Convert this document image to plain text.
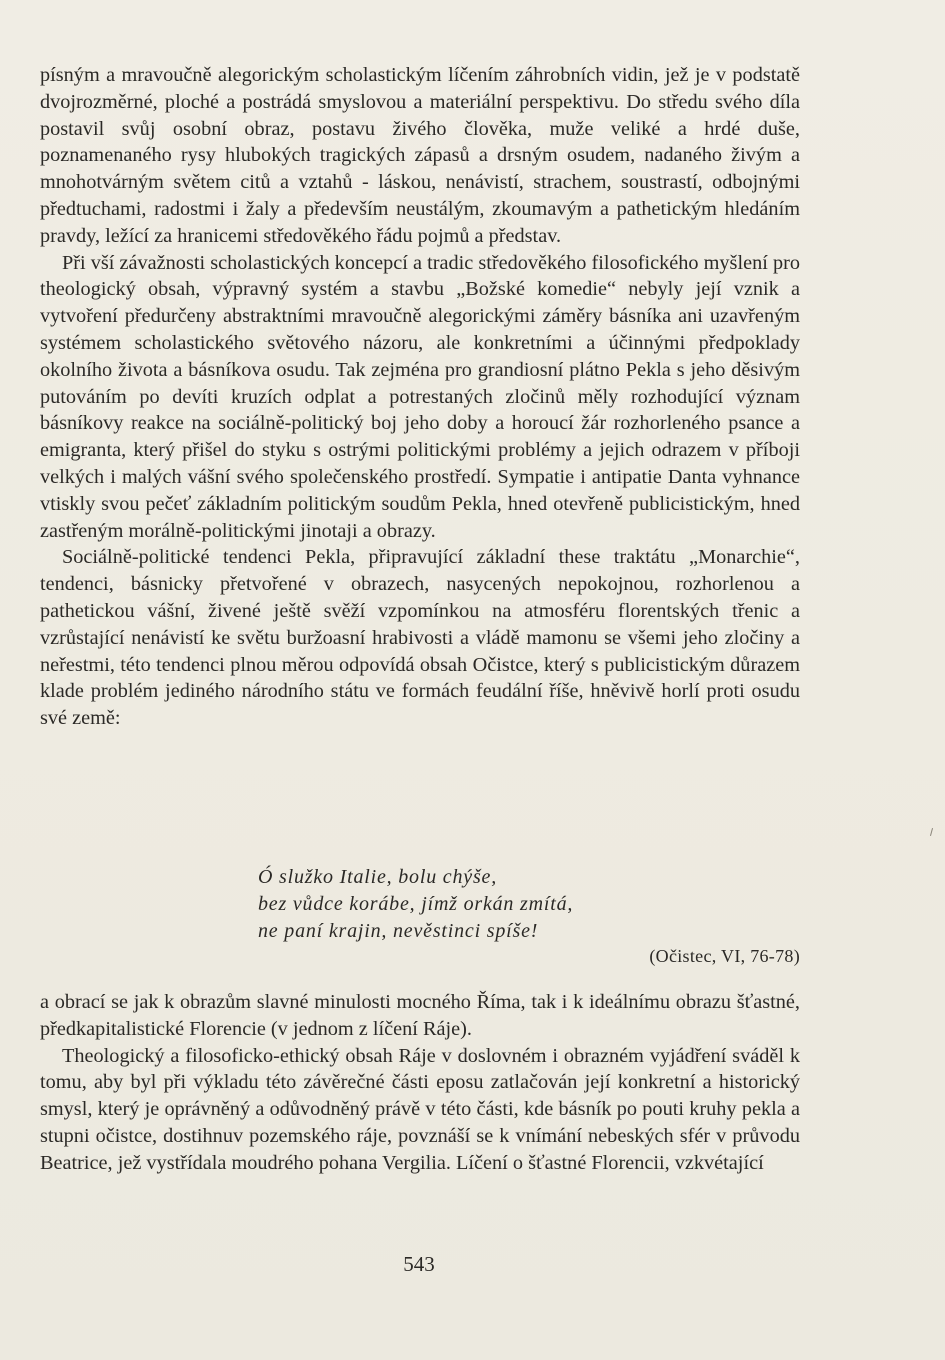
písným a mravoučně alegorickým scholastickým líčením záhrobních vidin, jež je v podstatě dvojrozměrné, ploché a postrádá smyslovou a materiální perspektivu. Do středu svého díla postavil svůj osobní obraz, postavu živého člověka, muže veliké a hrdé duše, poznamenaného rysy hlubokých tragických zápasů a drsným osudem, nadaného živým a mnohotvárným světem citů a vztahů - láskou, nenávistí, strachem, soustrastí, odbojnými předtuchami, radostmi i žaly a především neustálým, zkoumavým a pathetickým hledáním pravdy, ležící za hranicemi středověkého řádu pojmů a představ.

Při vší závažnosti scholastických koncepcí a tradic středověkého filosofického myšlení pro theologický obsah, výpravný systém a stavbu „Božské komedie“ nebyly její vznik a vytvoření předurčeny abstraktními mravoučně alegorickými záměry básníka ani uzavřeným systémem scholastického světového názoru, ale konkretními a účinnými předpoklady okolního života a básníkova osudu. Tak zejména pro grandiosní plátno Pekla s jeho děsivým putováním po devíti kruzích odplat a potrestaných zločinů měly rozhodující význam básníkovy reakce na sociálně-politický boj jeho doby a horoucí žár rozhorleného psance a emigranta, který přišel do styku s ostrými politickými problémy a jejich odrazem v příboji velkých i malých vášní svého společenského prostředí. Sympatie i antipatie Danta vyhnance vtiskly svou pečeť základním politickým soudům Pekla, hned otevřeně publicistickým, hned zastřeným morálně-politickými jinotaji a obrazy.

Sociálně-politické tendenci Pekla, připravující základní these traktátu „Monarchie“, tendenci, básnicky přetvořené v obrazech, nasycených nepokojnou, rozhorlenou a pathetickou vášní, živené ještě svěží vzpomínkou na atmosféru florentských třenic a vzrůstající nenávistí ke světu buržoasní hrabivosti a vládě mamonu se všemi jeho zločiny a neřestmi, této tendenci plnou měrou odpovídá obsah Očistce, který s publicistickým důrazem klade problém jediného národního státu ve formách feudální říše, hněvivě horlí proti osudu své země:

Ó služko Italie, bolu chýše,
bez vůdce korábe, jímž orkán zmítá,
ne paní krajin, nevěstinci spíše!
(Očistec, VI, 76-78)

a obrací se jak k obrazům slavné minulosti mocného Říma, tak i k ideálnímu obrazu šťastné, předkapitalistické Florencie (v jednom z líčení Ráje).

Theologický a filosoficko-ethický obsah Ráje v doslovném i obrazném vyjádření sváděl k tomu, aby byl při výkladu této závěrečné části eposu zatlačován její konkretní a historický smysl, který je oprávněný a odůvodněný právě v této části, kde básník po pouti kruhy pekla a stupni očistce, dostihnuv pozemského ráje, povznáší se k vnímání nebeských sfér v průvodu Beatrice, jež vystřídala moudrého pohana Vergilia. Líčení o šťastné Florencii, vzkvétající

543
